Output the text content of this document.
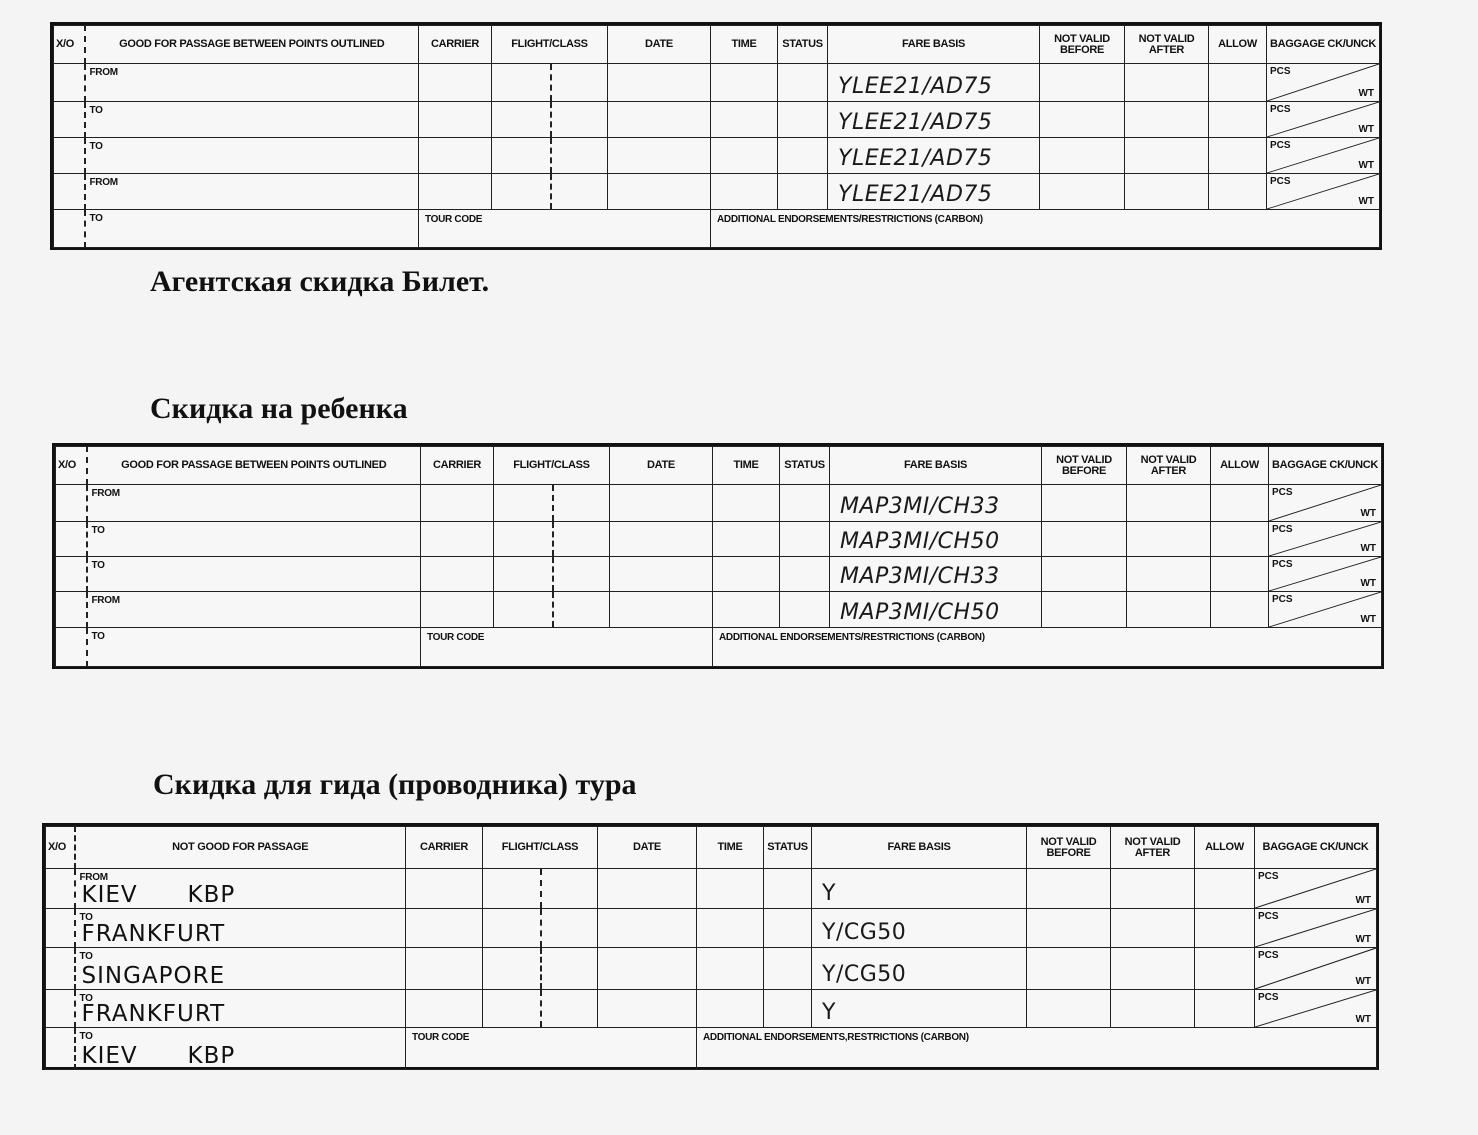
X/O	GOOD FOR PASSAGE BETWEEN POINTS OUTLINED	CARRIER	FLIGHT/CLASS	DATE	TIME	STATUS	FARE BASIS	NOT VALID BEFORE	NOT VALID AFTER	ALLOW	BAGGAGE CK/UNCK

	FROM						YLEE21/AD75				PCS
WT

	TO						YLEE21/AD75				PCS
WT

	TO						YLEE21/AD75				PCS
WT

	FROM						YLEE21/AD75				PCS
WT

	TO	TOUR CODE			ADDITIONAL ENDORSEMENTS/RESTRICTIONS (CARBON)						
Агентская скидка Билет.
Скидка на ребенка
X/O	GOOD FOR PASSAGE BETWEEN POINTS OUTLINED	CARRIER	FLIGHT/CLASS	DATE	TIME	STATUS	FARE BASIS	NOT VALID BEFORE	NOT VALID AFTER	ALLOW	BAGGAGE CK/UNCK

	FROM						MAP3MI/CH33				PCS
WT

	TO						MAP3MI/CH50				PCS
WT

	TO						MAP3MI/CH33				PCS
WT

	FROM						MAP3MI/CH50				PCS
WT

	TO	TOUR CODE			ADDITIONAL ENDORSEMENTS/RESTRICTIONS (CARBON)						
Скидка для гида (проводника) тура
X/O	NOT GOOD FOR PASSAGE	CARRIER	FLIGHT/CLASS	DATE	TIME	STATUS	FARE BASIS	NOT VALID BEFORE	NOT VALID AFTER	ALLOW	BAGGAGE CK/UNCK

	FROM
KIEV KBP						Y				PCS
WT

	TO
FRANKFURT						Y/CG50				PCS
WT

	TO
SINGAPORE						Y/CG50				PCS
WT

	TO
FRANKFURT						Y				PCS
WT

	TO
KIEV KBP	TOUR CODE			ADDITIONAL ENDORSEMENTS,RESTRICTIONS (CARBON)						
